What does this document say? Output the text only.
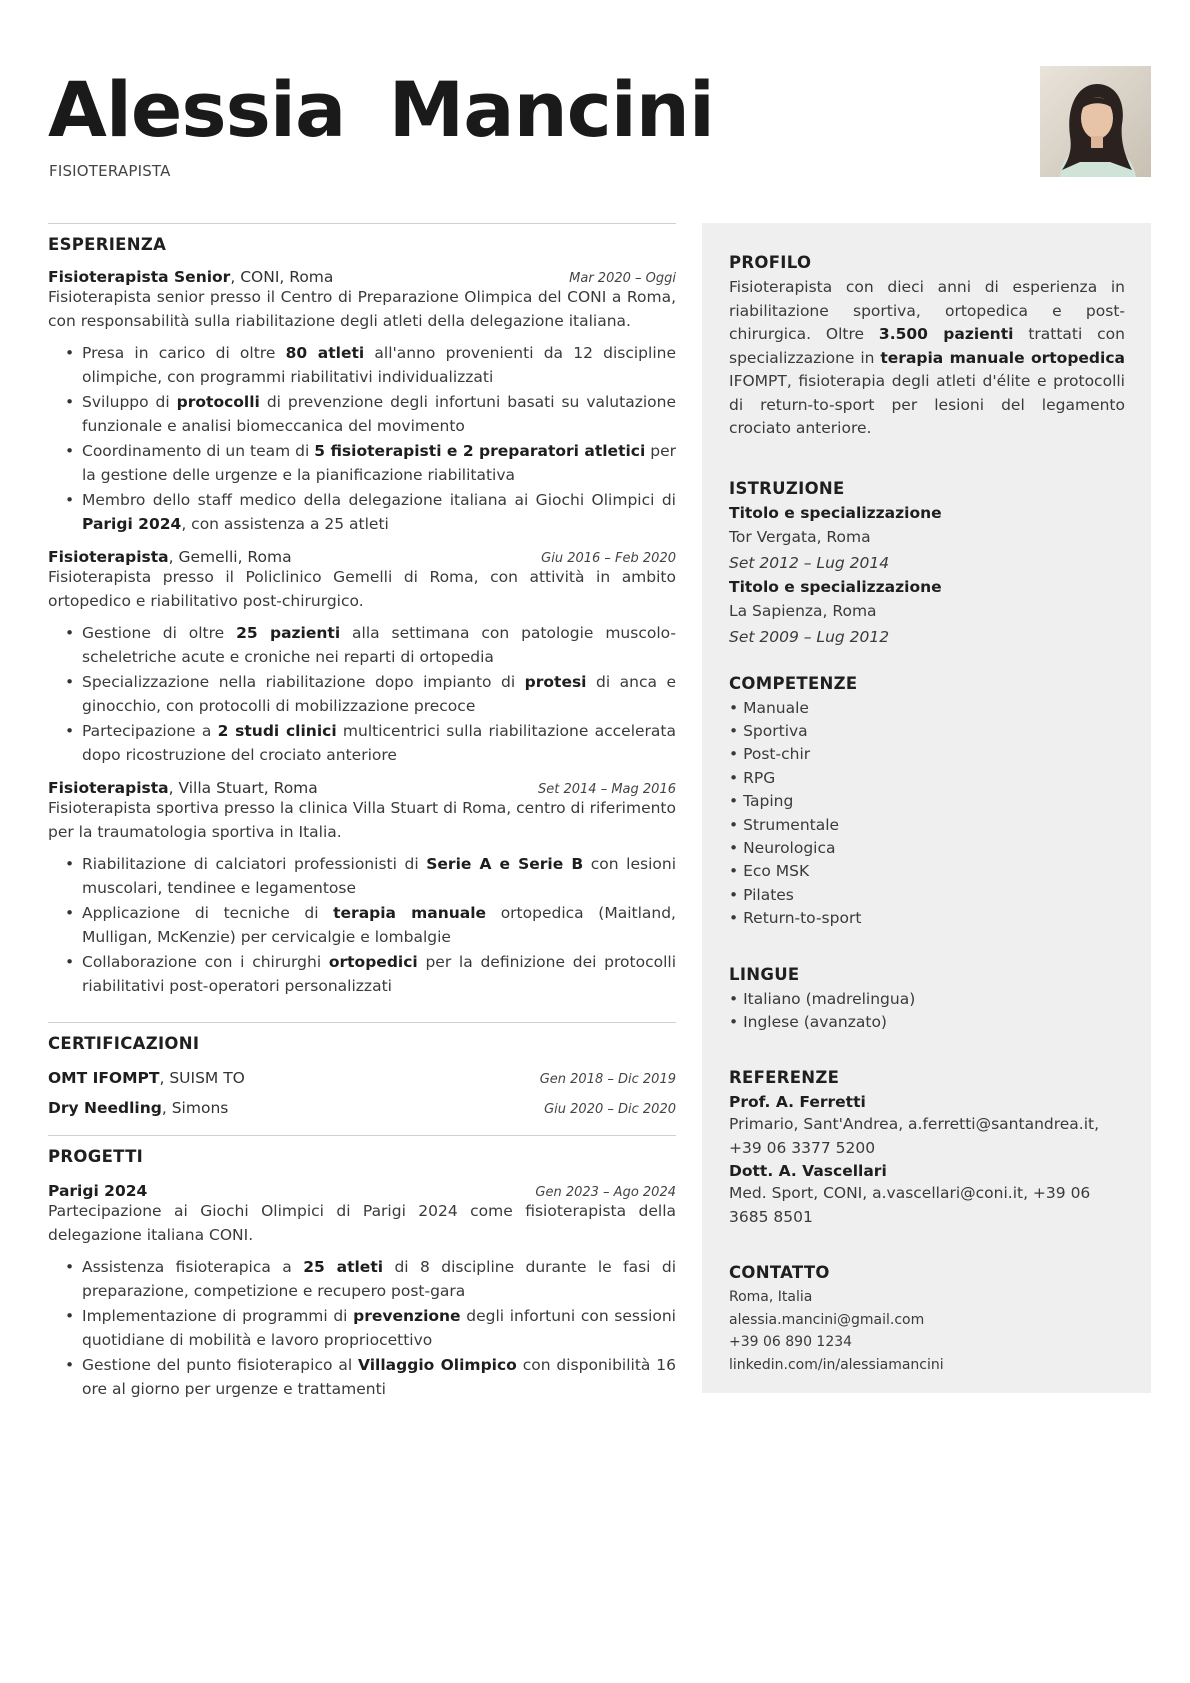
Alessia Mancini
FISIOTERAPISTA
ESPERIENZA
Fisioterapista Senior, CONI, Roma	Mar 2020 – Oggi
Fisioterapista senior presso il Centro di Preparazione Olimpica del CONI a Roma, con responsabilità sulla riabilitazione degli atleti della delegazione italiana.
• Presa in carico di oltre 80 atleti all'anno provenienti da 12 discipline olimpiche, con programmi riabilitativi individualizzati
• Sviluppo di protocolli di prevenzione degli infortuni basati su valutazione funzionale e analisi biomeccanica del movimento
• Coordinamento di un team di 5 fisioterapisti e 2 preparatori atletici per la gestione delle urgenze e la pianificazione riabilitativa
• Membro dello staff medico della delegazione italiana ai Giochi Olimpici di Parigi 2024, con assistenza a 25 atleti
Fisioterapista, Gemelli, Roma	Giu 2016 – Feb 2020
Fisioterapista presso il Policlinico Gemelli di Roma, con attività in ambito ortopedico e riabilitativo post-chirurgico.
• Gestione di oltre 25 pazienti alla settimana con patologie muscolo-scheletriche acute e croniche nei reparti di ortopedia
• Specializzazione nella riabilitazione dopo impianto di protesi di anca e ginocchio, con protocolli di mobilizzazione precoce
• Partecipazione a 2 studi clinici multicentrici sulla riabilitazione accelerata dopo ricostruzione del crociato anteriore
Fisioterapista, Villa Stuart, Roma	Set 2014 – Mag 2016
Fisioterapista sportiva presso la clinica Villa Stuart di Roma, centro di riferimento per la traumatologia sportiva in Italia.
• Riabilitazione di calciatori professionisti di Serie A e Serie B con lesioni muscolari, tendinee e legamentose
• Applicazione di tecniche di terapia manuale ortopedica (Maitland, Mulligan, McKenzie) per cervicalgie e lombalgie
• Collaborazione con i chirurghi ortopedici per la definizione dei protocolli riabilitativi post-operatori personalizzati
CERTIFICAZIONI
OMT IFOMPT, SUISM TO	Gen 2018 – Dic 2019
Dry Needling, Simons	Giu 2020 – Dic 2020
PROGETTI
Parigi 2024	Gen 2023 – Ago 2024
Partecipazione ai Giochi Olimpici di Parigi 2024 come fisioterapista della delegazione italiana CONI.
• Assistenza fisioterapica a 25 atleti di 8 discipline durante le fasi di preparazione, competizione e recupero post-gara
• Implementazione di programmi di prevenzione degli infortuni con sessioni quotidiane di mobilità e lavoro propriocettivo
• Gestione del punto fisioterapico al Villaggio Olimpico con disponibilità 16 ore al giorno per urgenze e trattamenti
PROFILO
Fisioterapista con dieci anni di esperienza in riabilitazione sportiva, ortopedica e post-chirurgica. Oltre 3.500 pazienti trattati con specializzazione in terapia manuale ortopedica IFOMPT, fisioterapia degli atleti d'élite e protocolli di return-to-sport per lesioni del legamento crociato anteriore.
ISTRUZIONE
Titolo e specializzazione
Tor Vergata, Roma
Set 2012 – Lug 2014
Titolo e specializzazione
La Sapienza, Roma
Set 2009 – Lug 2012
COMPETENZE
• Manuale
• Sportiva
• Post-chir
• RPG
• Taping
• Strumentale
• Neurologica
• Eco MSK
• Pilates
• Return-to-sport
LINGUE
• Italiano (madrelingua)
• Inglese (avanzato)
REFERENZE
Prof. A. Ferretti
Primario, Sant'Andrea, a.ferretti@santandrea.it, +39 06 3377 5200
Dott. A. Vascellari
Med. Sport, CONI, a.vascellari@coni.it, +39 06 3685 8501
CONTATTO
Roma, Italia
alessia.mancini@gmail.com
+39 06 890 1234
linkedin.com/in/alessiamancini
